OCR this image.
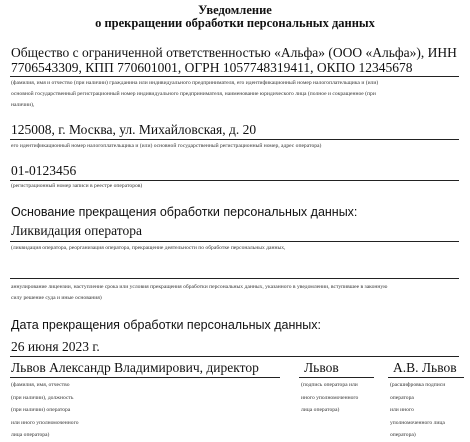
Уведомление
о прекращении обработки персональных данных
Общество с ограниченной ответственностью «Альфа» (ООО «Альфа»), ИНН
7706543309, КПП 770601001, ОГРН 1057748319411, ОКПО 12345678
(фамилия, имя и отчество (при наличии) гражданина или индивидуального предпринимателя, его идентификационный номер налогоплательщика и (или)
основной государственный регистрационный номер индивидуального предпринимателя, наименование юридического лица (полное и сокращенное (при
наличии),
125008, г. Москва, ул. Михайловская, д. 20
его идентификационный номер налогоплательщика и (или) основной государственный регистрационный номер, адрес оператора)
01-0123456
(регистрационный номер записи в реестре операторов)
Основание прекращения обработки персональных данных:
Ликвидация оператора
(ликвидация оператора, реорганизация оператора, прекращение деятельности по обработке персональных данных,
аннулирование лицензии, наступление срока или условия прекращения обработки персональных данных, указанного в уведомлении, вступившее в законную
силу решение суда и иные основания)
Дата прекращения обработки персональных данных:
26 июня 2023 г.
Львов Александр Владимирович, директор	Львов	А.В. Львов
(фамилия, имя, отчество
(при наличии), должность
(при наличии) оператора
или иного уполномоченного
лица оператора)
(подпись оператора или
иного уполномоченного
лица оператора)
(расшифровка подписи
оператора
или иного
уполномоченного лица
оператора)
